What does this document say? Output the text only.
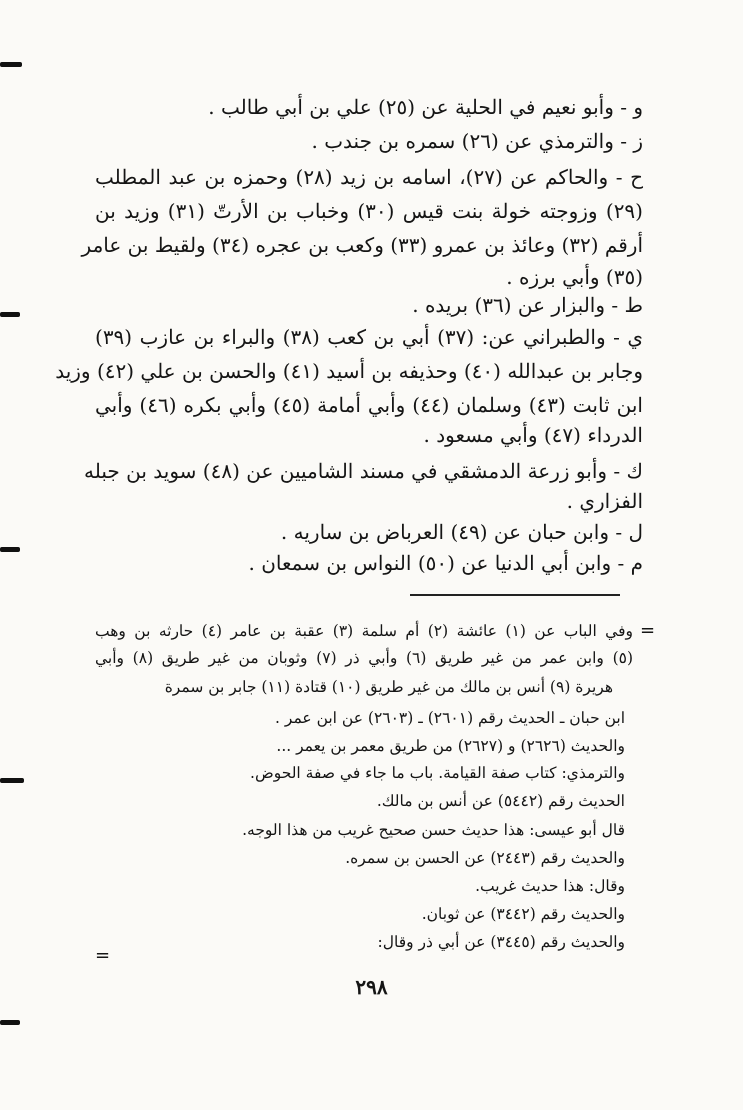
و - وأبو نعيم في الحلية عن (٢٥) علي بن أبي طالب .
ز - والترمذي عن (٢٦) سمره بن جندب .
ح - والحاكم عن (٢٧)، اسامه بن زيد (٢٨) وحمزه بن عبد المطلب
(٢٩) وزوجته خولة بنت قيس (٣٠) وخباب بن الأرتّ (٣١) وزيد بن
أرقم (٣٢) وعائذ بن عمرو (٣٣) وكعب بن عجره (٣٤) ولقيط بن عامر
(٣٥) وأبي برزه .
ط - والبزار عن (٣٦) بريده .
ي - والطبراني عن: (٣٧) أبي بن كعب (٣٨) والبراء بن عازب (٣٩)
وجابر بن عبدالله (٤٠) وحذيفه بن أسيد (٤١) والحسن بن علي (٤٢) وزيد
ابن ثابت (٤٣) وسلمان (٤٤) وأبي أمامة (٤٥) وأبي بكره (٤٦) وأبي
الدرداء (٤٧) وأبي مسعود .
ك - وأبو زرعة الدمشقي في مسند الشاميين عن (٤٨) سويد بن جبله
الفزاري .
ل - وابن حبان عن (٤٩) العرباض بن ساريه .
م - وابن أبي الدنيا عن (٥٠) النواس بن سمعان .
=
وفي الباب عن (١) عائشة (٢) أم سلمة (٣) عقبة بن عامر (٤) حارثه بن وهب
(٥) وابن عمر من غير طريق (٦) وأبي ذر (٧) وثوبان من غير طريق (٨) وأبي
هريرة (٩) أنس بن مالك من غير طريق (١٠) قتادة (١١) جابر بن سمرة
ابن حبان ـ الحديث رقم (٢٦٠١) ـ (٢٦٠٣) عن ابن عمر .
والحديث (٢٦٢٦) و (٢٦٢٧) من طريق معمر بن يعمر ...
والترمذي: كتاب صفة القيامة. باب ما جاء في صفة الحوض.
الحديث رقم (٥٤٤٢) عن أنس بن مالك.
قال أبو عيسى: هذا حديث حسن صحيح غريب من هذا الوجه.
والحديث رقم (٢٤٤٣) عن الحسن بن سمره.
وقال: هذا حديث غريب.
والحديث رقم (٣٤٤٢) عن ثوبان.
والحديث رقم (٣٤٤٥) عن أبي ذر وقال:
=
٢٩٨
